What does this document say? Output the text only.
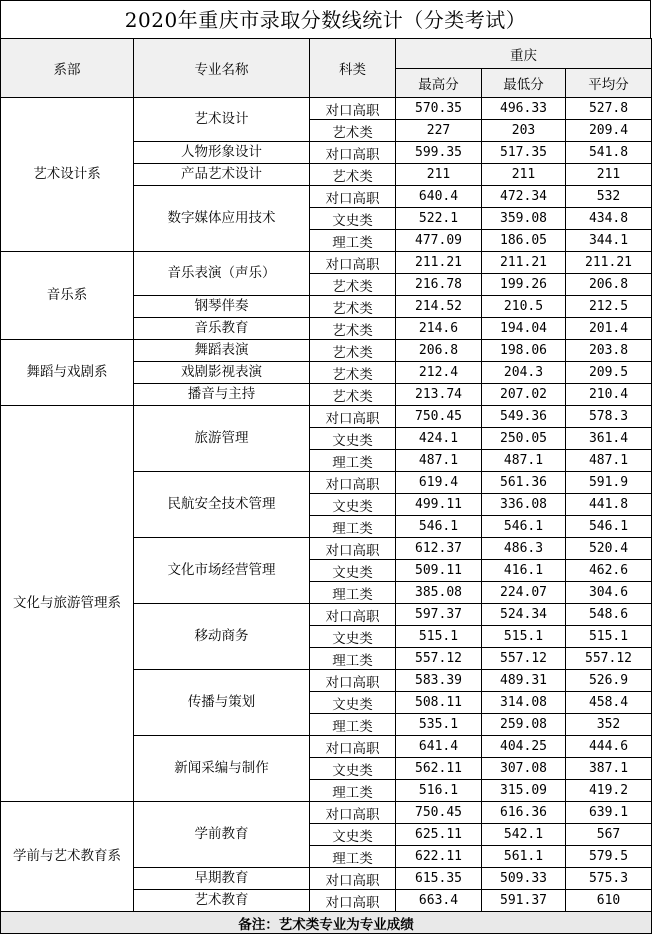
2020年重庆市录取分数线统计（分类考试）
系部	专业名称	科类	重庆		
			最高分	最低分	平均分
艺术设计系	艺术设计	对口高职	570.35	496.33	527.8
		艺术类	227	203	209.4
	人物形象设计	对口高职	599.35	517.35	541.8
	产品艺术设计	艺术类	211	211	211
	数字媒体应用技术	对口高职	640.4	472.34	532
		文史类	522.1	359.08	434.8
		理工类	477.09	186.05	344.1
音乐系	音乐表演（声乐）	对口高职	211.21	211.21	211.21
		艺术类	216.78	199.26	206.8
	钢琴伴奏	艺术类	214.52	210.5	212.5
	音乐教育	艺术类	214.6	194.04	201.4
舞蹈与戏剧系	舞蹈表演	艺术类	206.8	198.06	203.8
	戏剧影视表演	艺术类	212.4	204.3	209.5
	播音与主持	艺术类	213.74	207.02	210.4
文化与旅游管理系	旅游管理	对口高职	750.45	549.36	578.3
		文史类	424.1	250.05	361.4
		理工类	487.1	487.1	487.1
	民航安全技术管理	对口高职	619.4	561.36	591.9
		文史类	499.11	336.08	441.8
		理工类	546.1	546.1	546.1
	文化市场经营管理	对口高职	612.37	486.3	520.4
		文史类	509.11	416.1	462.6
		理工类	385.08	224.07	304.6
	移动商务	对口高职	597.37	524.34	548.6
		文史类	515.1	515.1	515.1
		理工类	557.12	557.12	557.12
	传播与策划	对口高职	583.39	489.31	526.9
		文史类	508.11	314.08	458.4
		理工类	535.1	259.08	352
	新闻采编与制作	对口高职	641.4	404.25	444.6
		文史类	562.11	307.08	387.1
		理工类	516.1	315.09	419.2
学前与艺术教育系	学前教育	对口高职	750.45	616.36	639.1
		文史类	625.11	542.1	567
		理工类	622.11	561.1	579.5
	早期教育	对口高职	615.35	509.33	575.3
	艺术教育	对口高职	663.4	591.37	610
备注：艺术类专业为专业成绩					
